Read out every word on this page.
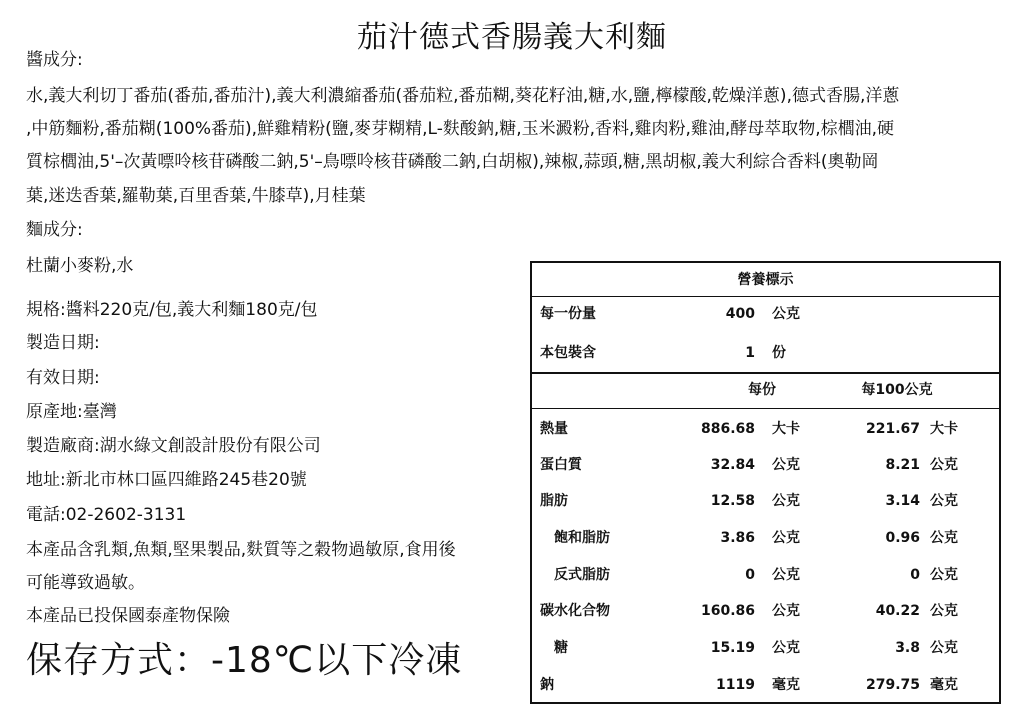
茄汁德式香腸義大利麵
醬成分:
水,義大利切丁番茄(番茄,番茄汁),義大利濃縮番茄(番茄粒,番茄糊,葵花籽油,糖,水,鹽,檸檬酸,乾燥洋蔥),德式香腸,洋蔥
,中筋麵粉,番茄糊(100%番茄),鮮雞精粉(鹽,麥芽糊精,L-麩酸鈉,糖,玉米澱粉,香料,雞肉粉,雞油,酵母萃取物,棕櫚油,硬
質棕櫚油,5'–次黃嘌呤核苷磷酸二鈉,5'–鳥嘌呤核苷磷酸二鈉,白胡椒),辣椒,蒜頭,糖,黑胡椒,義大利綜合香料(奧勒岡
葉,迷迭香葉,羅勒葉,百里香葉,牛膝草),月桂葉
麵成分:
杜蘭小麥粉,水
規格:醬料220克/包,義大利麵180克/包
製造日期:
有效日期:
原產地:臺灣
製造廠商:湖水綠文創設計股份有限公司
地址:新北市林口區四維路245巷20號
電話:02-2602-3131
本產品含乳類,魚類,堅果製品,麩質等之穀物過敏原,食用後
可能導致過敏。
本產品已投保國泰產物保險
保存方式：-18℃以下冷凍
營養標示
每一份量	400 公克
本包裝含	1 份
每份	每100公克
熱量	886.68 大卡	221.67 大卡
蛋白質	32.84 公克	8.21 公克
脂肪	12.58 公克	3.14 公克
飽和脂肪	3.86 公克	0.96 公克
反式脂肪	0 公克	0 公克
碳水化合物	160.86 公克	40.22 公克
糖	15.19 公克	3.8 公克
鈉	1119 毫克	279.75 毫克
